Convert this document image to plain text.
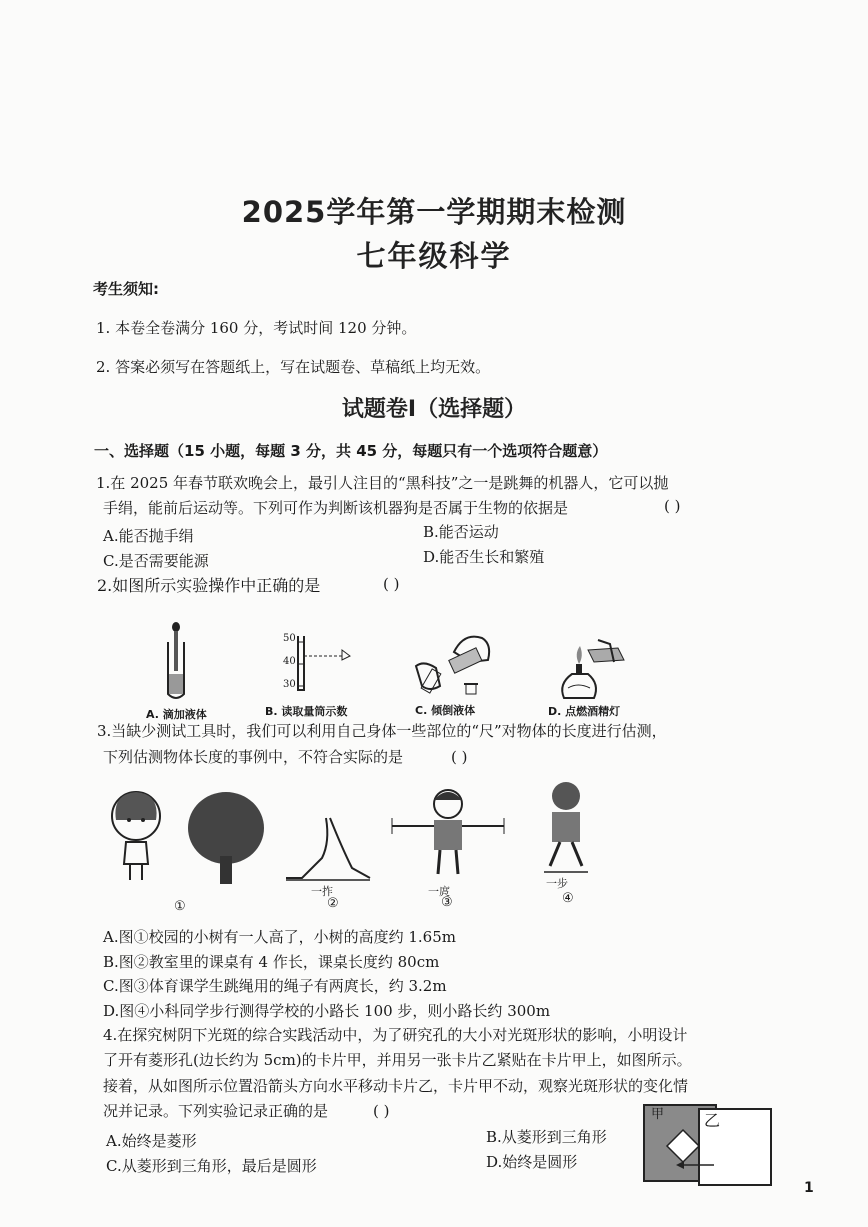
2025学年第一学期期末检测
七年级科学
考生须知:
1. 本卷全卷满分 160 分，考试时间 120 分钟。
2. 答案必须写在答题纸上，写在试题卷、草稿纸上均无效。
试题卷I（选择题）
一、选择题（15 小题，每题 3 分，共 45 分，每题只有一个选项符合题意）
1.在 2025 年春节联欢晚会上，最引人注目的“黑科技”之一是跳舞的机器人，它可以抛
手绢，能前后运动等。下列可作为判断该机器狗是否属于生物的依据是	( )
A.能否抛手绢	B.能否运动
C.是否需要能源	D.能否生长和繁殖
2.如图所示实验操作中正确的是	( )
A. 滴加液体
50
40
30
B. 读取量筒示数	C. 倾倒液体	D. 点燃酒精灯
3.当缺少测试工具时，我们可以利用自己身体一些部位的“尺”对物体的长度进行估测，
下列估测物体长度的事例中，不符合实际的是	( )
①
一拃
②
一庹
③
一步
④
A.图①校园的小树有一人高了，小树的高度约 1.65m
B.图②教室里的课桌有 4 作长，课桌长度约 80cm
C.图③体育课学生跳绳用的绳子有两庹长，约 3.2m
D.图④小科同学步行测得学校的小路长 100 步，则小路长约 300m
4.在探究树阴下光斑的综合实践活动中，为了研究孔的大小对光斑形状的影响，小明设计
了开有菱形孔(边长约为 5cm)的卡片甲，并用另一张卡片乙紧贴在卡片甲上，如图所示。
接着，从如图所示位置沿箭头方向水平移动卡片乙，卡片甲不动，观察光斑形状的变化情
况并记录。下列实验记录正确的是	( )
A.始终是菱形	B.从菱形到三角形
C.从菱形到三角形，最后是圆形	D.始终是圆形
甲 乙
1
